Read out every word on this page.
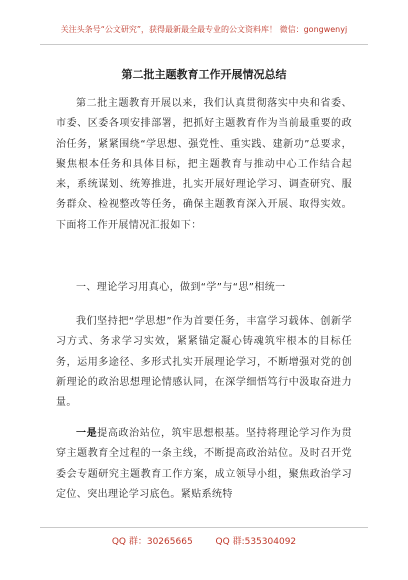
关注头条号“公文研究”，获得最新最全最专业的公文资料库！ 微信：gongwenyj
第二批主题教育工作开展情况总结

第二批主题教育开展以来，我们认真贯彻落实中央和省委、市委、区委各项安排部署，把抓好主题教育作为当前最重要的政治任务，紧紧围绕“学思想、强党性、重实践、建新功”总要求，聚焦根本任务和具体目标，把主题教育与推动中心工作结合起来，系统谋划、统筹推进，扎实开展好理论学习、调查研究、服务群众、检视整改等任务，确保主题教育深入开展、取得实效。下面将工作开展情况汇报如下：

一、理论学习用真心，做到“学”与“思”相统一

我们坚持把“学思想”作为首要任务，丰富学习载体、创新学习方式、务求学习实效，紧紧锚定凝心铸魂筑牢根本的目标任务，运用多途径、多形式扎实开展理论学习，不断增强对党的创新理论的政治思想理论情感认同，在深学细悟笃行中汲取奋进力量。

一是提高政治站位，筑牢思想根基。坚持将理论学习作为贯穿主题教育全过程的一条主线，不断提高政治站位。及时召开党委会专题研究主题教育工作方案，成立领导小组，聚焦政治学习定位、突出理论学习底色。紧贴系统特

QQ 群：30265665	QQ 群:535304092
